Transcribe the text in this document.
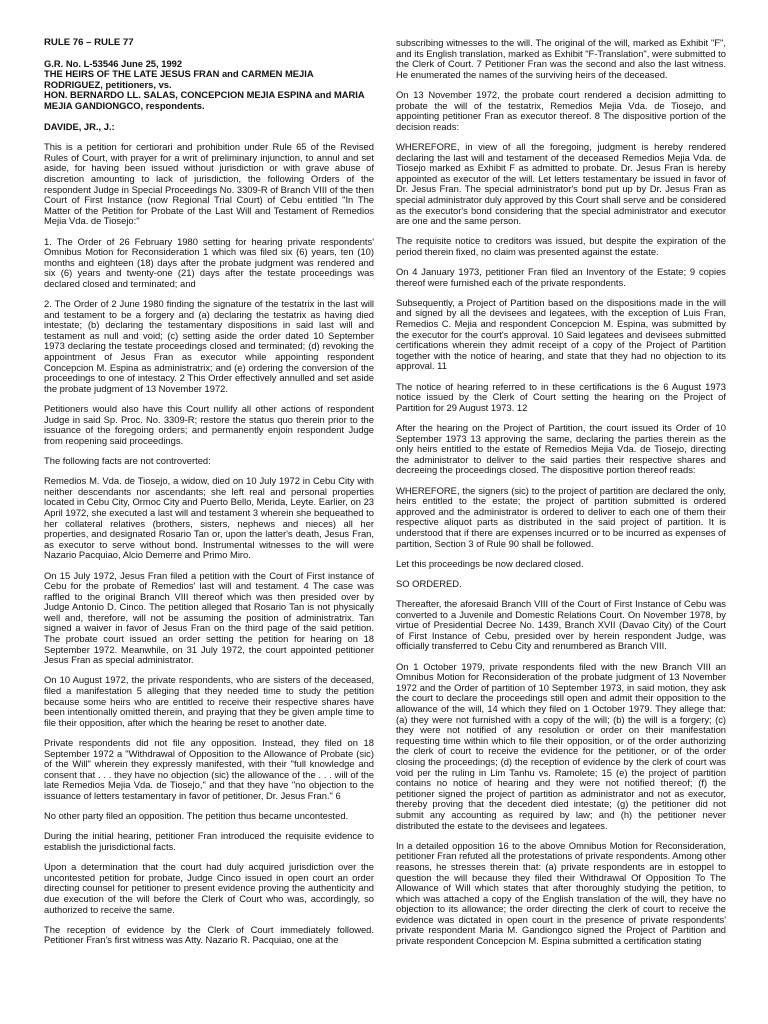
RULE 76 – RULE 77
G.R. No. L-53546 June 25, 1992
THE HEIRS OF THE LATE JESUS FRAN and CARMEN MEJIA RODRIGUEZ, petitioners, vs.
HON. BERNARDO LL. SALAS, CONCEPCION MEJIA ESPINA and MARIA MEJIA GANDIONGCO, respondents.
DAVIDE, JR., J.:

This is a petition for certiorari and prohibition under Rule 65 of the Revised Rules of Court, with prayer for a writ of preliminary injunction, to annul and set aside, for having been issued without jurisdiction or with grave abuse of discretion amounting to lack of jurisdiction, the following Orders of the respondent Judge in Special Proceedings No. 3309-R of Branch VIII of the then Court of First Instance (now Regional Trial Court) of Cebu entitled "In The Matter of the Petition for Probate of the Last Will and Testament of Remedios Mejia Vda. de Tiosejo:"

1. The Order of 26 February 1980 setting for hearing private respondents' Omnibus Motion for Reconsideration 1 which was filed six (6) years, ten (10) months and eighteen (18) days after the probate judgment was rendered and six (6) years and twenty-one (21) days after the testate proceedings was declared closed and terminated; and

2. The Order of 2 June 1980 finding the signature of the testatrix in the last will and testament to be a forgery and (a) declaring the testatrix as having died intestate; (b) declaring the testamentary dispositions in said last will and testament as null and void; (c) setting aside the order dated 10 September 1973 declaring the testate proceedings closed and terminated; (d) revoking the appointment of Jesus Fran as executor while appointing respondent Concepcion M. Espina as administratrix; and (e) ordering the conversion of the proceedings to one of intestacy. 2 This Order effectively annulled and set aside the probate judgment of 13 November 1972.

Petitioners would also have this Court nullify all other actions of respondent Judge in said Sp. Proc. No. 3309-R; restore the status quo therein prior to the issuance of the foregoing orders; and permanently enjoin respondent Judge from reopening said proceedings.

The following facts are not controverted:

Remedios M. Vda. de Tiosejo, a widow, died on 10 July 1972 in Cebu City with neither descendants nor ascendants; she left real and personal properties located in Cebu City, Ormoc City and Puerto Bello, Merida, Leyte. Earlier, on 23 April 1972, she executed a last will and testament 3 wherein she bequeathed to her collateral relatives (brothers, sisters, nephews and nieces) all her properties, and designated Rosario Tan or, upon the latter's death, Jesus Fran, as executor to serve without bond. Instrumental witnesses to the will were Nazario Pacquiao, Alcio Demerre and Primo Miro.

On 15 July 1972, Jesus Fran filed a petition with the Court of First instance of Cebu for the probate of Remedios' last will and testament. 4 The case was raffled to the original Branch VIII thereof which was then presided over by Judge Antonio D. Cinco. The petition alleged that Rosario Tan is not physically well and, therefore, will not be assuming the position of administratrix. Tan signed a waiver in favor of Jesus Fran on the third page of the said petition. The probate court issued an order setting the petition for hearing on 18 September 1972. Meanwhile, on 31 July 1972, the court appointed petitioner Jesus Fran as special administrator.

On 10 August 1972, the private respondents, who are sisters of the deceased, filed a manifestation 5 alleging that they needed time to study the petition because some heirs who are entitled to receive their respective shares have been intentionally omitted therein, and praying that they be given ample time to file their opposition, after which the hearing be reset to another date.

Private respondents did not file any opposition. Instead, they filed on 18 September 1972 a "Withdrawal of Opposition to the Allowance of Probate (sic) of the Will" wherein they expressly manifested, with their "full knowledge and consent that . . . they have no objection (sic) the allowance of the . . . will of the late Remedios Mejia Vda. de Tiosejo," and that they have "no objection to the issuance of letters testamentary in favor of petitioner, Dr. Jesus Fran." 6

No other party filed an opposition. The petition thus became uncontested.

During the initial hearing, petitioner Fran introduced the requisite evidence to establish the jurisdictional facts.

Upon a determination that the court had duly acquired jurisdiction over the uncontested petition for probate, Judge Cinco issued in open court an order directing counsel for petitioner to present evidence proving the authenticity and due execution of the will before the Clerk of Court who was, accordingly, so authorized to receive the same.

The reception of evidence by the Clerk of Court immediately followed. Petitioner Fran's first witness was Atty. Nazario R. Pacquiao, one at the

subscribing witnesses to the will. The original of the will, marked as Exhibit "F", and its English translation, marked as Exhibit "F-Translation", were submitted to the Clerk of Court. 7 Petitioner Fran was the second and also the last witness. He enumerated the names of the surviving heirs of the deceased.

On 13 November 1972, the probate court rendered a decision admitting to probate the will of the testatrix, Remedios Mejia Vda. de Tiosejo, and appointing petitioner Fran as executor thereof. 8 The dispositive portion of the decision reads:

WHEREFORE, in view of all the foregoing, judgment is hereby rendered declaring the last will and testament of the deceased Remedios Mejia Vda. de Tiosejo marked as Exhibit F as admitted to probate. Dr. Jesus Fran is hereby appointed as executor of the will. Let letters testamentary be issued in favor of Dr. Jesus Fran. The special administrator's bond put up by Dr. Jesus Fran as special administrator duly approved by this Court shall serve and be considered as the executor's bond considering that the special administrator and executor are one and the same person.

The requisite notice to creditors was issued, but despite the expiration of the period therein fixed, no claim was presented against the estate.

On 4 January 1973, petitioner Fran filed an Inventory of the Estate; 9 copies thereof were furnished each of the private respondents.

Subsequently, a Project of Partition based on the dispositions made in the will and signed by all the devisees and legatees, with the exception of Luis Fran, Remedios C. Mejia and respondent Concepcion M. Espina, was submitted by the executor for the court's approval. 10 Said legatees and devisees submitted certifications wherein they admit receipt of a copy of the Project of Partition together with the notice of hearing, and state that they had no objection to its approval. 11

The notice of hearing referred to in these certifications is the 6 August 1973 notice issued by the Clerk of Court setting the hearing on the Project of Partition for 29 August 1973. 12

After the hearing on the Project of Partition, the court issued its Order of 10 September 1973 13 approving the same, declaring the parties therein as the only heirs entitled to the estate of Remedios Mejia Vda. de Tiosejo, directing the administrator to deliver to the said parties their respective shares and decreeing the proceedings closed. The dispositive portion thereof reads:

WHEREFORE, the signers (sic) to the project of partition are declared the only, heirs entitled to the estate; the project of partition submitted is ordered approved and the administrator is ordered to deliver to each one of them their respective aliquot parts as distributed in the said project of partition. It is understood that if there are expenses incurred or to be incurred as expenses of partition, Section 3 of Rule 90 shall be followed.

Let this proceedings be now declared closed.

SO ORDERED.

Thereafter, the aforesaid Branch VIII of the Court of First Instance of Cebu was converted to a Juvenile and Domestic Relations Court. On November 1978, by virtue of Presidential Decree No. 1439, Branch XVII (Davao City) of the Court of First Instance of Cebu, presided over by herein respondent Judge, was officially transferred to Cebu City and renumbered as Branch VIII.

On 1 October 1979, private respondents filed with the new Branch VIII an Omnibus Motion for Reconsideration of the probate judgment of 13 November 1972 and the Order of partition of 10 September 1973, in said motion, they ask the court to declare the proceedings still open and admit their opposition to the allowance of the will, 14 which they filed on 1 October 1979. They allege that: (a) they were not furnished with a copy of the will; (b) the will is a forgery; (c) they were not notified of any resolution or order on their manifestation requesting time within which to file their opposition, or of the order authorizing the clerk of court to receive the evidence for the petitioner, or of the order closing the proceedings; (d) the reception of evidence by the clerk of court was void per the ruling in Lim Tanhu vs. Ramolete; 15 (e) the project of partition contains no notice of hearing and they were not notified thereof; (f) the petitioner signed the project of partition as administrator and not as executor, thereby proving that the decedent died intestate; (g) the petitioner did not submit any accounting as required by law; and (h) the petitioner never distributed the estate to the devisees and legatees.

In a detailed opposition 16 to the above Omnibus Motion for Reconsideration, petitioner Fran refuted all the protestations of private respondents. Among other reasons, he stresses therein that: (a) private respondents are in estoppel to question the will because they filed their Withdrawal Of Opposition To The Allowance of Will which states that after thoroughly studying the petition, to which was attached a copy of the English translation of the will, they have no objection to its allowance; the order directing the clerk of court to receive the evidence was dictated in open court in the presence of private respondents' private respondent Maria M. Gandiongco signed the Project of Partition and private respondent Concepcion M. Espina submitted a certification stating
